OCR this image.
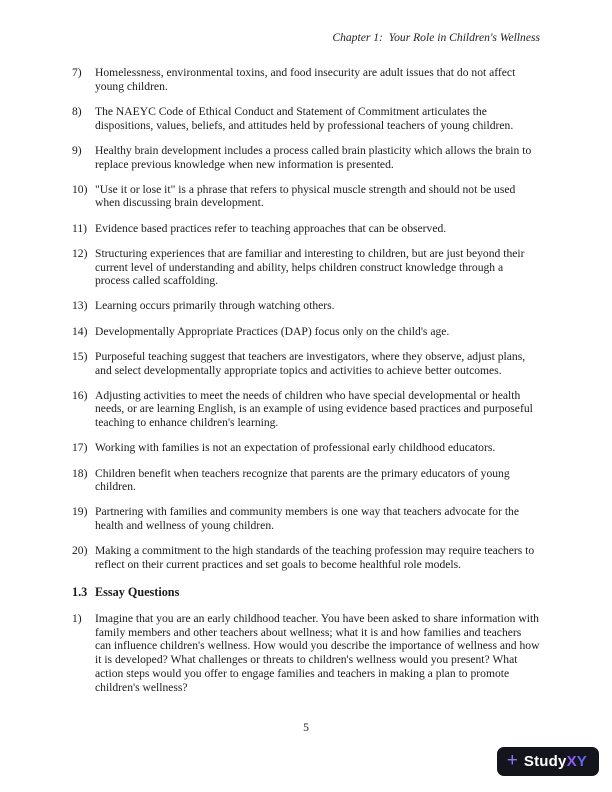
Chapter 1:  Your Role in Children's Wellness
7)	Homelessness, environmental toxins, and food insecurity are adult issues that do not affect young children.
8)	The NAEYC Code of Ethical Conduct and Statement of Commitment articulates the dispositions, values, beliefs, and attitudes held by professional teachers of young children.
9)	Healthy brain development includes a process called brain plasticity which allows the brain to replace previous knowledge when new information is presented.
10) "Use it or lose it" is a phrase that refers to physical muscle strength and should not be used when discussing brain development.
11) Evidence based practices refer to teaching approaches that can be observed.
12) Structuring experiences that are familiar and interesting to children, but are just beyond their current level of understanding and ability, helps children construct knowledge through a process called scaffolding.
13) Learning occurs primarily through watching others.
14) Developmentally Appropriate Practices (DAP) focus only on the child's age.
15) Purposeful teaching suggest that teachers are investigators, where they observe, adjust plans, and select developmentally appropriate topics and activities to achieve better outcomes.
16) Adjusting activities to meet the needs of children who have special developmental or health needs, or are learning English, is an example of using evidence based practices and purposeful teaching to enhance children's learning.
17) Working with families is not an expectation of professional early childhood educators.
18) Children benefit when teachers recognize that parents are the primary educators of young children.
19) Partnering with families and community members is one way that teachers advocate for the health and wellness of young children.
20) Making a commitment to the high standards of the teaching profession may require teachers to reflect on their current practices and set goals to become healthful role models.
1.3 Essay Questions
1)	Imagine that you are an early childhood teacher. You have been asked to share information with family members and other teachers about wellness; what it is and how families and teachers can influence children's wellness. How would you describe the importance of wellness and how it is developed? What challenges or threats to children's wellness would you present? What action steps would you offer to engage families and teachers in making a plan to promote children's wellness?
5
+ StudyXY
